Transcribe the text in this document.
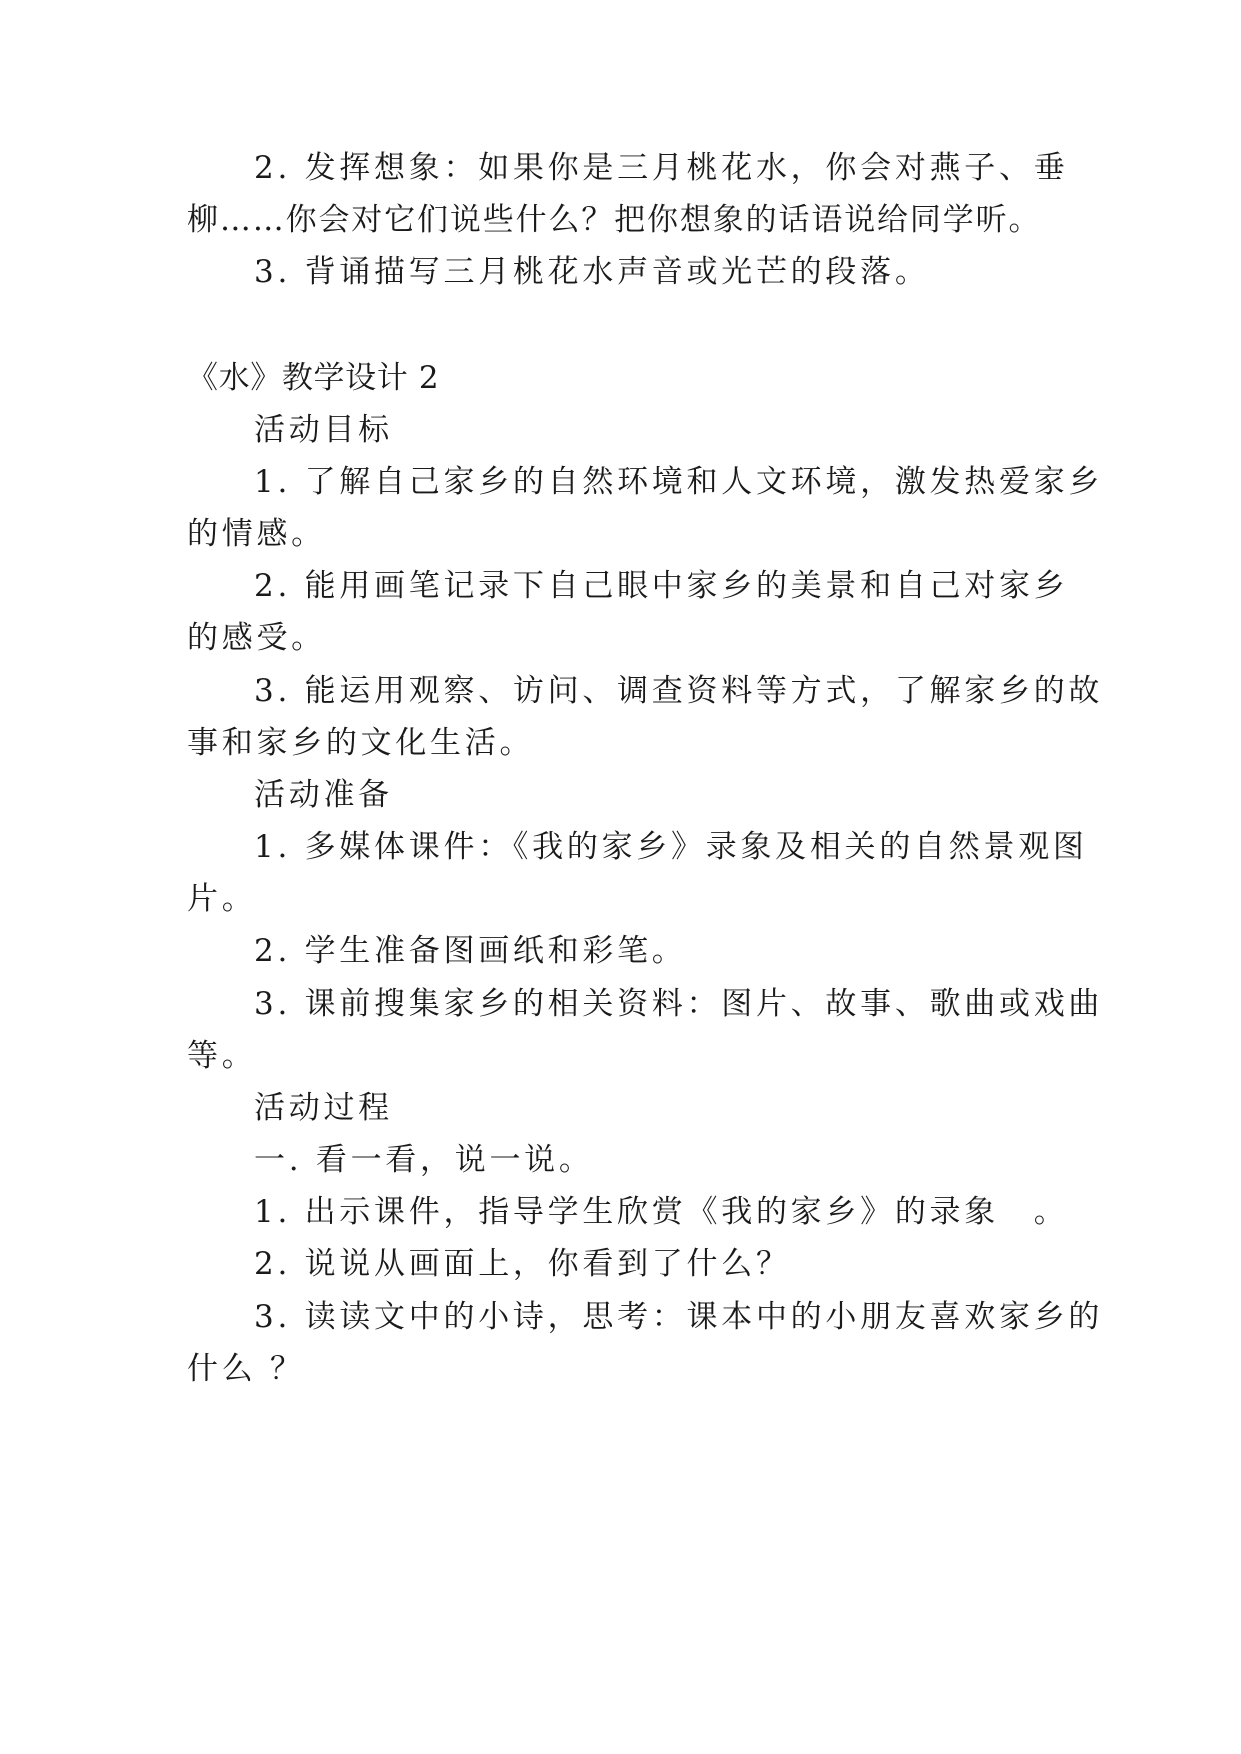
2. 发挥想象：如果你是三月桃花水，你会对燕子、垂
柳……你会对它们说些什么？把你想象的话语说给同学听。
3. 背诵描写三月桃花水声音或光芒的段落。
《水》教学设计 2
活动目标
1. 了解自己家乡的自然环境和人文环境，激发热爱家乡
的情感。
2. 能用画笔记录下自己眼中家乡的美景和自己对家乡
的感受。
3. 能运用观察、访问、调查资料等方式，了解家乡的故
事和家乡的文化生活。
活动准备
1. 多媒体课件：《我的家乡》录象及相关的自然景观图
片。
2. 学生准备图画纸和彩笔。
3. 课前搜集家乡的相关资料：图片、故事、歌曲或戏曲
等。
活动过程
一. 看一看，说一说。
1. 出示课件，指导学生欣赏《我的家乡》的录象　。
2. 说说从画面上，你看到了什么？
3. 读读文中的小诗，思考：课本中的小朋友喜欢家乡的
什么 ？
